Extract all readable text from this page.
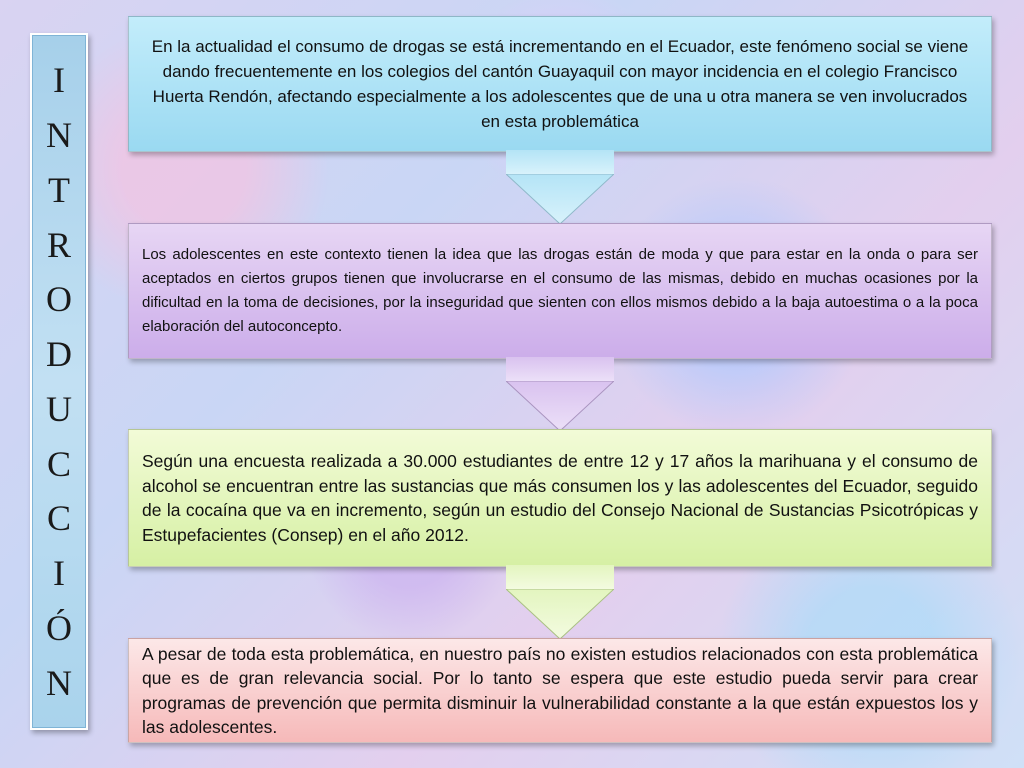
I
N
T
R
O
D
U
C
C
I
Ó
N

En la actualidad el consumo de drogas se está incrementando en el Ecuador, este fenómeno social se viene dando frecuentemente en los colegios del cantón Guayaquil con mayor incidencia en el colegio Francisco Huerta Rendón, afectando especialmente a los adolescentes que de una u otra manera se ven involucrados en esta problemática

Los adolescentes en este contexto tienen la idea que las drogas están de moda y que para estar en la onda o para ser aceptados en ciertos grupos tienen que involucrarse en el consumo de las mismas, debido en muchas ocasiones por la dificultad en la toma de decisiones, por la inseguridad que sienten con ellos mismos debido a la baja autoestima o a la poca elaboración del autoconcepto.

Según una encuesta realizada a 30.000 estudiantes de entre 12 y 17 años la marihuana y el consumo de alcohol se encuentran entre las sustancias que más consumen los y las adolescentes del Ecuador, seguido de la cocaína que va en incremento, según un estudio del Consejo Nacional de Sustancias Psicotrópicas y Estupefacientes (Consep) en el año 2012.

A pesar de toda esta problemática, en nuestro país no existen estudios relacionados con esta problemática que es de gran relevancia social. Por lo tanto se espera que este estudio pueda servir para crear programas de prevención que permita disminuir la vulnerabilidad constante a la que están expuestos los y las adolescentes.
